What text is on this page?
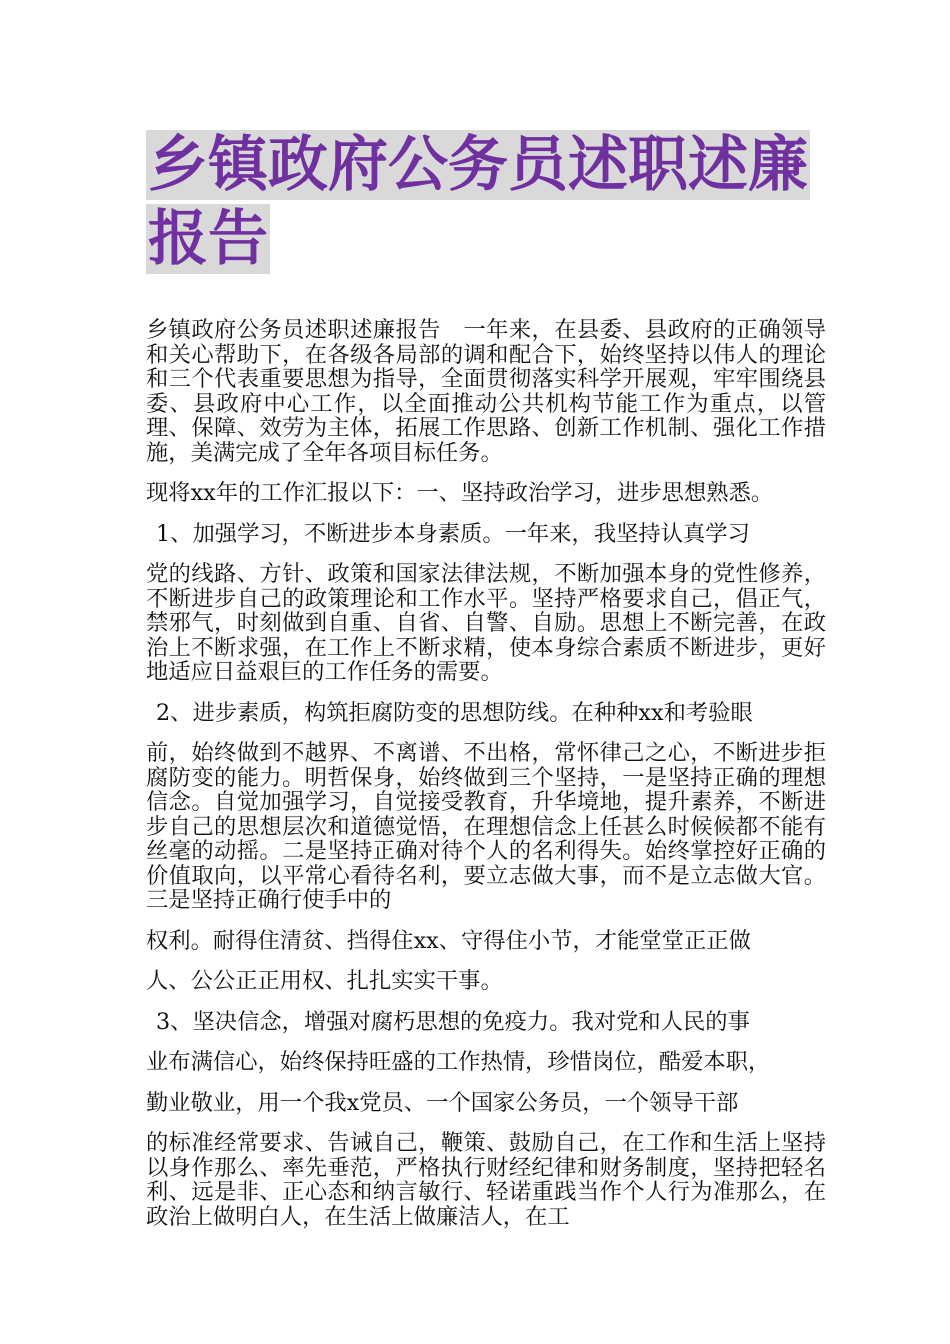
乡镇政府公务员述职述廉
报告

乡镇政府公务员述职述廉报告　一年来，在县委、县政府的正确领导和关心帮助下，在各级各局部的调和配合下，始终坚持以伟人的理论和三个代表重要思想为指导，全面贯彻落实科学开展观，牢牢围绕县委、县政府中心工作，以全面推动公共机构节能工作为重点，以管理、保障、效劳为主体，拓展工作思路、创新工作机制、强化工作措施，美满完成了全年各项目标任务。

现将xx年的工作汇报以下：一、坚持政治学习，进步思想熟悉。

1、加强学习，不断进步本身素质。一年来，我坚持认真学习

党的线路、方针、政策和国家法律法规，不断加强本身的党性修养，不断进步自己的政策理论和工作水平。坚持严格要求自己，倡正气，禁邪气，时刻做到自重、自省、自警、自励。思想上不断完善，在政治上不断求强，在工作上不断求精，使本身综合素质不断进步，更好地适应日益艰巨的工作任务的需要。

2、进步素质，构筑拒腐防变的思想防线。在种种xx和考验眼

前，始终做到不越界、不离谱、不出格，常怀律己之心，不断进步拒腐防变的能力。明哲保身，始终做到三个坚持，一是坚持正确的理想信念。自觉加强学习，自觉接受教育，升华境地，提升素养，不断进步自己的思想层次和道德觉悟，在理想信念上任甚么时候候都不能有丝毫的动摇。二是坚持正确对待个人的名利得失。始终掌控好正确的价值取向，以平常心看待名利，要立志做大事，而不是立志做大官。三是坚持正确行使手中的

权利。耐得住清贫、挡得住xx、守得住小节，才能堂堂正正做

人、公公正正用权、扎扎实实干事。

3、坚决信念，增强对腐朽思想的免疫力。我对党和人民的事

业布满信心，始终保持旺盛的工作热情，珍惜岗位，酷爱本职，

勤业敬业，用一个我x党员、一个国家公务员，一个领导干部

的标准经常要求、告诫自己，鞭策、鼓励自己，在工作和生活上坚持以身作那么、率先垂范，严格执行财经纪律和财务制度，坚持把轻名利、远是非、正心态和纳言敏行、轻诺重践当作个人行为准那么，在政治上做明白人，在生活上做廉洁人，在工
